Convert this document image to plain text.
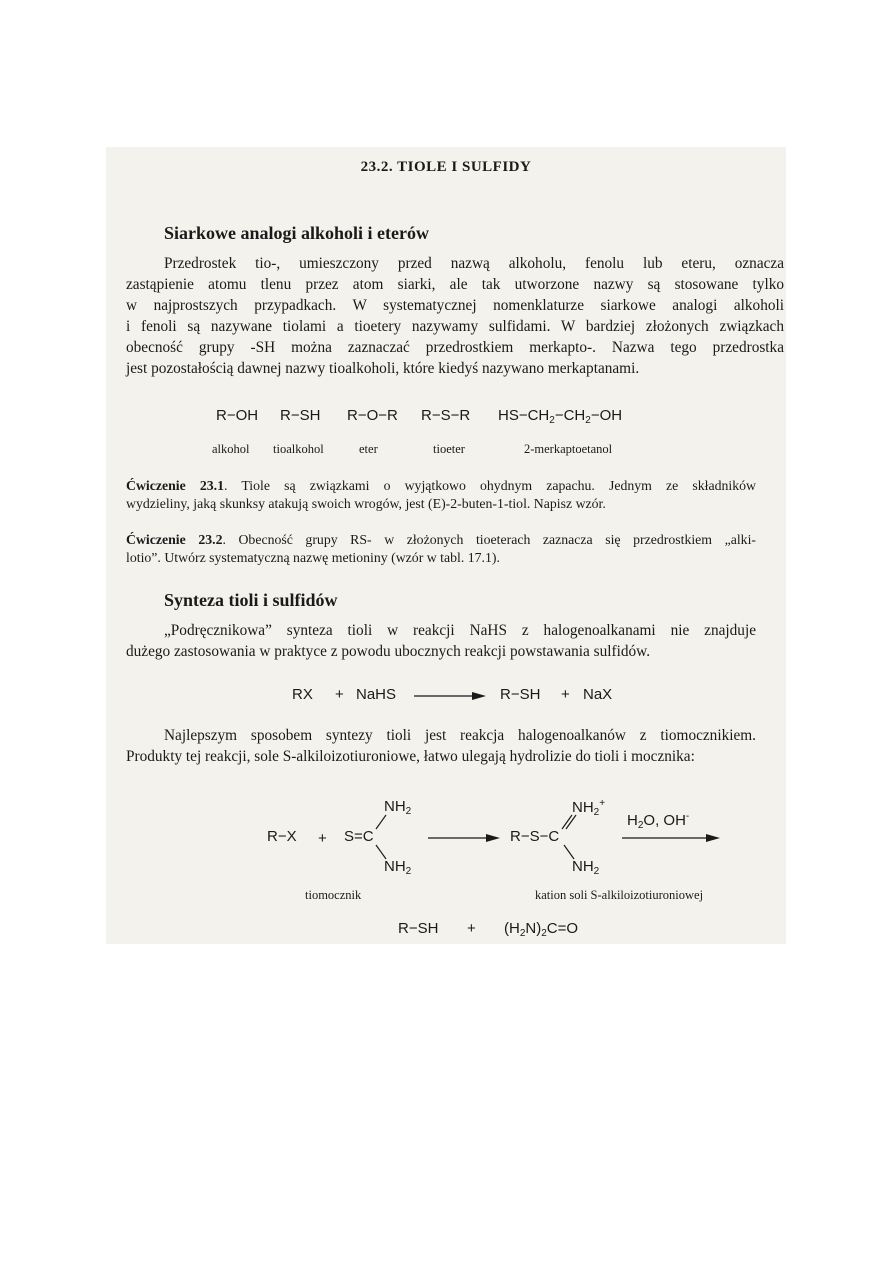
23.2. TIOLE I SULFIDY
Siarkowe analogi alkoholi i eterów
Przedrostek tio-, umieszczony przed nazwą alkoholu, fenolu lub eteru, oznacza
zastąpienie atomu tlenu przez atom siarki, ale tak utworzone nazwy są stosowane tylko
w najprostszych przypadkach. W systematycznej nomenklaturze siarkowe analogi alkoholi
i fenoli są nazywane tiolami a tioetery nazywamy sulfidami. W bardziej złożonych związkach
obecność grupy -SH można zaznaczać przedrostkiem merkapto-. Nazwa tego przedrostka
jest pozostałością dawnej nazwy tioalkoholi, które kiedyś nazywano merkaptanami.
R−OH R−SH R−O−R R−S−R $HS-CH_2-CH_2-OH$
alkohol tioalkohol	eter	tioeter	2-merkaptoetanol
Ćwiczenie 23.1. Tiole są związkami o wyjątkowo ohydnym zapachu. Jednym ze składników
wydzieliny, jaką skunksy atakują swoich wrogów, jest (E)-2-buten-1-tiol. Napisz wzór.
Ćwiczenie 23.2. Obecność grupy RS- w złożonych tioeterach zaznacza się przedrostkiem „alki-
lotio”. Utwórz systematyczną nazwę metioniny (wzór w tabl. 17.1).
Synteza tioli i sulfidów
„Podręcznikowa” synteza tioli w reakcji NaHS z halogenoalkanami nie znajduje
dużego zastosowania w praktyce z powodu ubocznych reakcji powstawania sulfidów.
RX + NaHS	R−SH + NaX
Najlepszym sposobem syntezy tioli jest reakcja halogenoalkanów z tiomocznikiem.
Produkty tej reakcji, sole S-alkiloizotiuroniowe, łatwo ulegają hydrolizie do tioli i mocznika:
$NH_2$
R−X + S=C
$NH_2$
$NH_2^+$
R−S−C
$NH_2$
$H_2O$, OH-
tiomocznik	kation soli S-alkiloizotiuroniowej
$R-SH + (H_2N)_2C=O$
